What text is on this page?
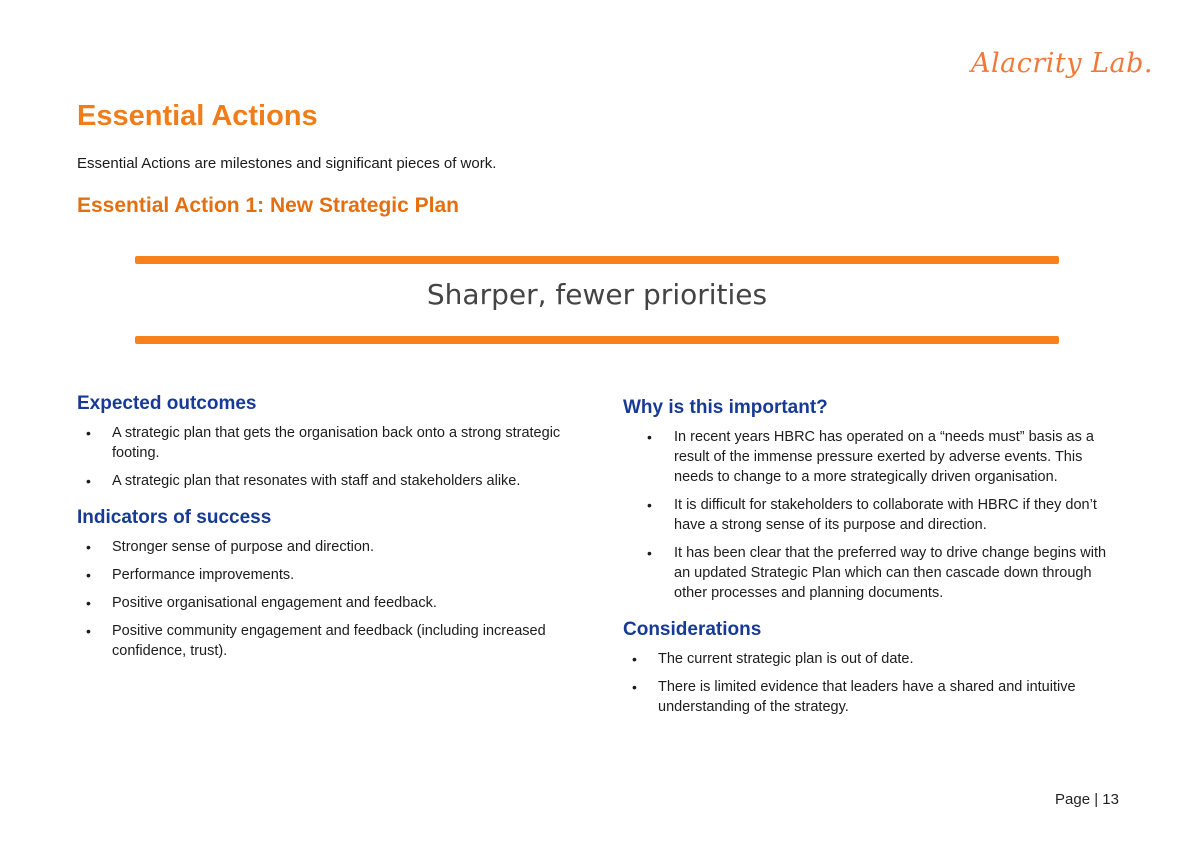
Alacrity Lab.
Essential Actions

Essential Actions are milestones and significant pieces of work.

Essential Action 1: New Strategic Plan
Sharper, fewer priorities
Expected outcomes
• A strategic plan that gets the organisation back onto a strong strategic footing.
• A strategic plan that resonates with staff and stakeholders alike.
Indicators of success
• Stronger sense of purpose and direction.
• Performance improvements.
• Positive organisational engagement and feedback.
• Positive community engagement and feedback (including increased confidence, trust).
Why is this important?
• In recent years HBRC has operated on a “needs must” basis as a result of the immense pressure exerted by adverse events. This needs to change to a more strategically driven organisation.
• It is difficult for stakeholders to collaborate with HBRC if they don’t have a strong sense of its purpose and direction.
• It has been clear that the preferred way to drive change begins with an updated Strategic Plan which can then cascade down through other processes and planning documents.
Considerations
• The current strategic plan is out of date.
• There is limited evidence that leaders have a shared and intuitive understanding of the strategy.
Page | 13
